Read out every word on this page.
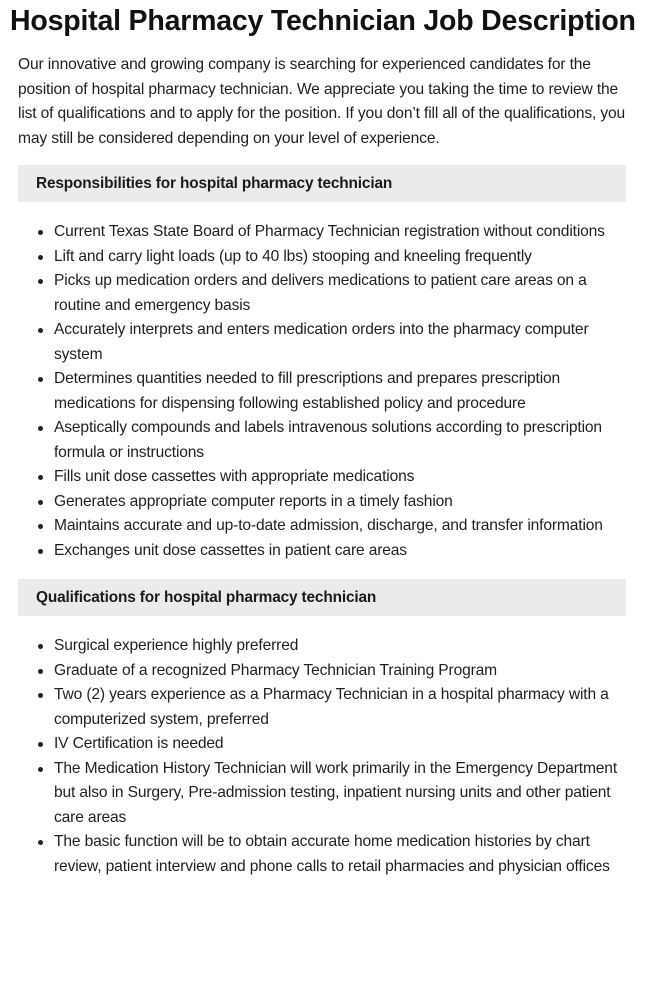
Hospital Pharmacy Technician Job Description

Our innovative and growing company is searching for experienced candidates for the position of hospital pharmacy technician. We appreciate you taking the time to review the list of qualifications and to apply for the position. If you don’t fill all of the qualifications, you may still be considered depending on your level of experience.

Responsibilities for hospital pharmacy technician
Current Texas State Board of Pharmacy Technician registration without conditions
Lift and carry light loads (up to 40 lbs) stooping and kneeling frequently
Picks up medication orders and delivers medications to patient care areas on a routine and emergency basis
Accurately interprets and enters medication orders into the pharmacy computer system
Determines quantities needed to fill prescriptions and prepares prescription medications for dispensing following established policy and procedure
Aseptically compounds and labels intravenous solutions according to prescription formula or instructions
Fills unit dose cassettes with appropriate medications
Generates appropriate computer reports in a timely fashion
Maintains accurate and up-to-date admission, discharge, and transfer information
Exchanges unit dose cassettes in patient care areas
Qualifications for hospital pharmacy technician
Surgical experience highly preferred
Graduate of a recognized Pharmacy Technician Training Program
Two (2) years experience as a Pharmacy Technician in a hospital pharmacy with a computerized system, preferred
IV Certification is needed
The Medication History Technician will work primarily in the Emergency Department but also in Surgery, Pre-admission testing, inpatient nursing units and other patient care areas
The basic function will be to obtain accurate home medication histories by chart review, patient interview and phone calls to retail pharmacies and physician offices
